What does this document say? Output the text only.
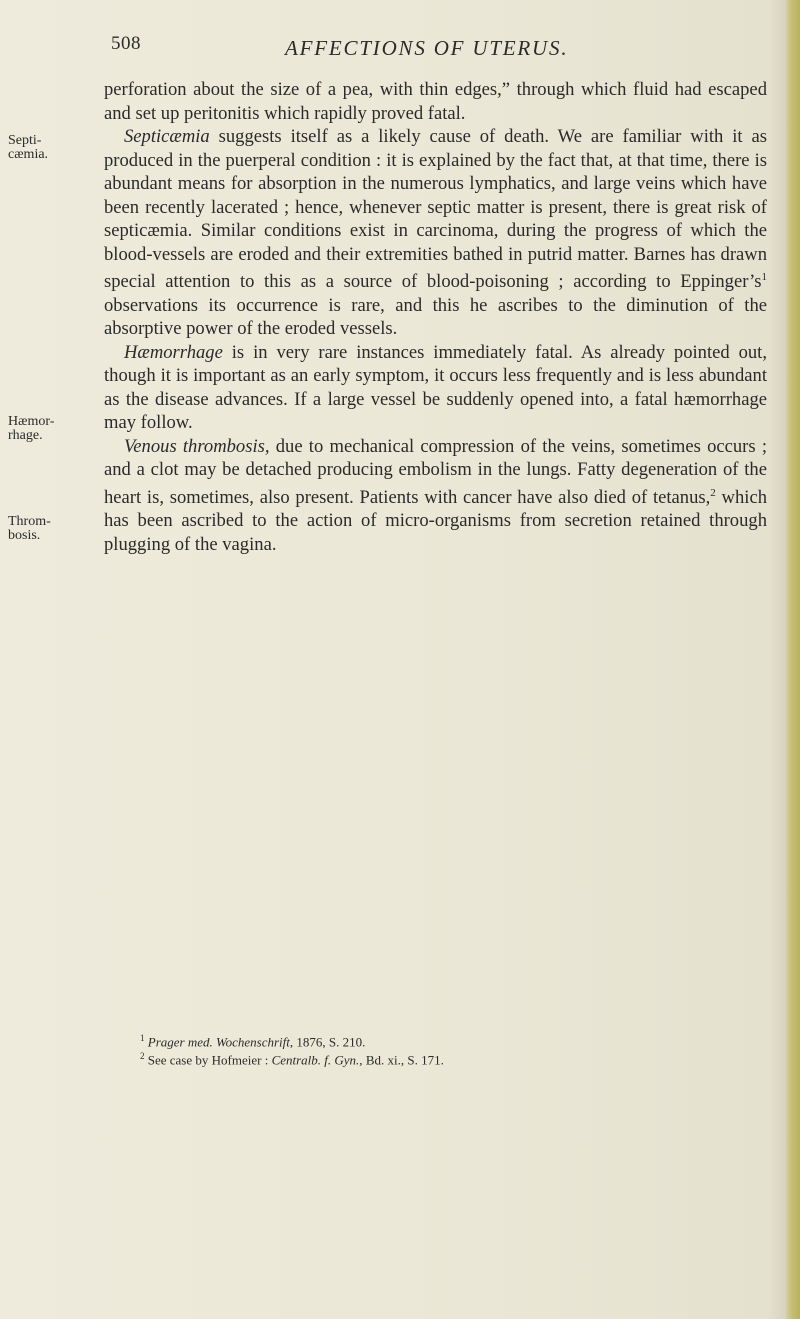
508	AFFECTIONS OF UTERUS.
Septi-
cæmia.
Hæmor-
rhage.
Throm-
bosis.

perforation about the size of a pea, with thin edges,” through which fluid had escaped and set up peritonitis which rapidly proved fatal.

Septicæmia suggests itself as a likely cause of death. We are familiar with it as produced in the puerperal condition : it is explained by the fact that, at that time, there is abundant means for absorption in the numerous lymphatics, and large veins which have been recently lacerated ; hence, whenever septic matter is present, there is great risk of septicæmia. Similar conditions exist in carcinoma, during the progress of which the blood-vessels are eroded and their extremities bathed in putrid matter. Barnes has drawn special attention to this as a source of blood-poisoning ; according to $Eppinger’s^1$ observations its occurrence is rare, and this he ascribes to the diminution of the absorptive power of the eroded vessels.

Hæmorrhage is in very rare instances immediately fatal. As already pointed out, though it is important as an early symptom, it occurs less frequently and is less abundant as the disease advances. If a large vessel be suddenly opened into, a fatal hæmorrhage may follow.

Venous thrombosis, due to mechanical compression of the veins, sometimes occurs ; and a clot may be detached producing embolism in the lungs. Fatty degeneration of the heart is, sometimes, also present. Patients with cancer have also died of tetanus,$^2$ which has been ascribed to the action of micro-organisms from secretion retained through plugging of the vagina.

$^1$ Prager med. Wochenschrift, 1876, S. 210.
$^2$ See case by Hofmeier : Centralb. f. Gyn., Bd. xi., S. 171.
